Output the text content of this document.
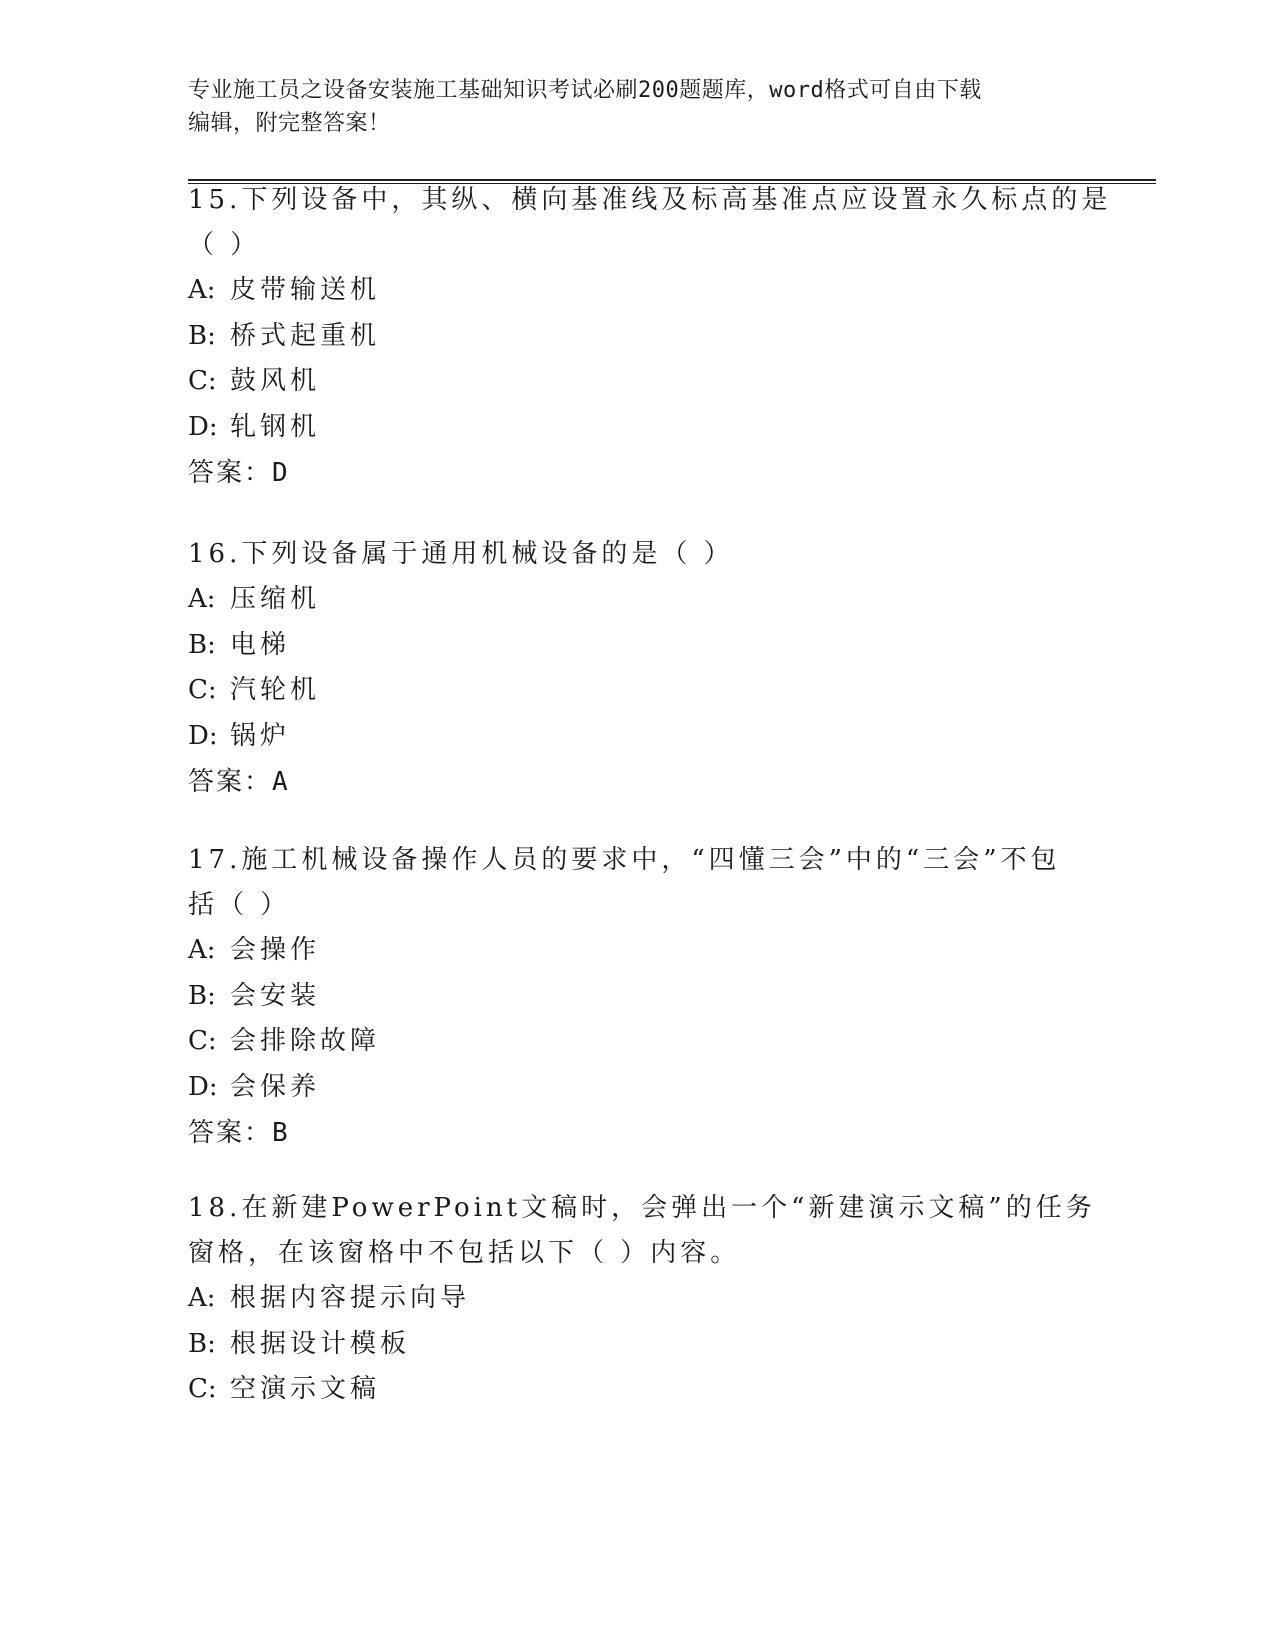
专业施工员之设备安装施工基础知识考试必刷200题题库，word格式可自由下载
编辑，附完整答案！
15.下列设备中，其纵、横向基准线及标高基准点应设置永久标点的是
（ ）
A: 皮带输送机
B: 桥式起重机
C: 鼓风机
D: 轧钢机
答案：D
16.下列设备属于通用机械设备的是（ ）
A: 压缩机
B: 电梯
C: 汽轮机
D: 锅炉
答案：A
17.施工机械设备操作人员的要求中，“四懂三会”中的“三会”不包
括（ ）
A: 会操作
B: 会安装
C: 会排除故障
D: 会保养
答案：B
18.在新建PowerPoint文稿时，会弹出一个“新建演示文稿”的任务
窗格，在该窗格中不包括以下（ ）内容。
A: 根据内容提示向导
B: 根据设计模板
C: 空演示文稿
